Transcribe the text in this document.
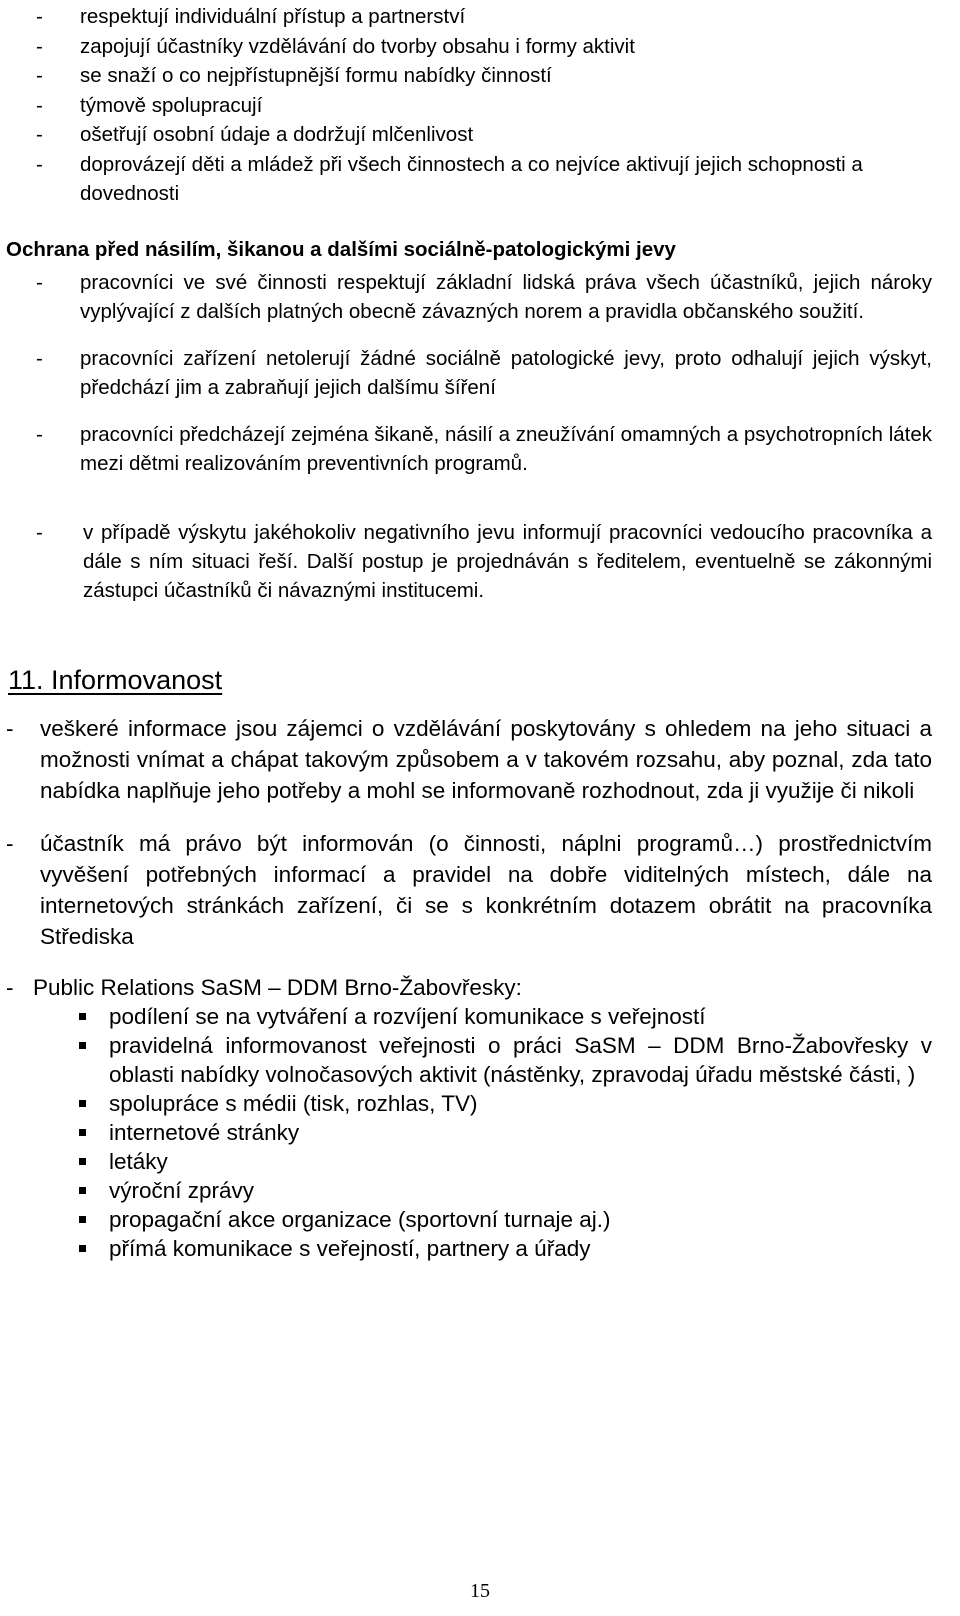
- respektují individuální přístup a partnerství
- zapojují účastníky vzdělávání do tvorby obsahu i formy aktivit
- se snaží o co nejpřístupnější formu nabídky činností
- týmově spolupracují
- ošetřují osobní údaje a dodržují mlčenlivost
- doprovázejí děti a mládež při všech činnostech a co nejvíce aktivují jejich schopnosti a dovednosti
Ochrana před násilím, šikanou a dalšími sociálně-patologickými jevy
- pracovníci ve své činnosti respektují základní lidská práva všech účastníků, jejich nároky vyplývající z dalších platných obecně závazných norem a pravidla občanského soužití.
- pracovníci zařízení netolerují žádné sociálně patologické jevy, proto odhalují jejich výskyt, předchází jim a zabraňují jejich dalšímu šíření
- pracovníci předcházejí zejména šikaně, násilí a zneužívání omamných a psychotropních látek mezi dětmi realizováním preventivních programů.
- v případě výskytu jakéhokoliv negativního jevu informují pracovníci vedoucího pracovníka a dále s ním situaci řeší. Další postup je projednáván s ředitelem, eventuelně se zákonnými zástupci účastníků či návaznými institucemi.
11. Informovanost
- veškeré informace jsou zájemci o vzdělávání poskytovány s ohledem na jeho situaci a možnosti vnímat a chápat takovým způsobem a v takovém rozsahu, aby poznal, zda tato nabídka naplňuje jeho potřeby a mohl se informovaně rozhodnout, zda ji využije či nikoli
- účastník má právo být informován (o činnosti, náplni programů…) prostřednictvím vyvěšení potřebných informací a pravidel na dobře viditelných místech, dále na internetových stránkách zařízení, či se s konkrétním dotazem obrátit na pracovníka Střediska
- Public Relations SaSM – DDM Brno-Žabovřesky:
podílení se na vytváření a rozvíjení komunikace s veřejností
pravidelná informovanost veřejnosti o práci SaSM – DDM Brno-Žabovřesky v oblasti nabídky volnočasových aktivit (nástěnky, zpravodaj úřadu městské části, )
spolupráce s médii (tisk, rozhlas, TV)
internetové stránky
letáky
výroční zprávy
propagační akce organizace (sportovní turnaje aj.)
přímá komunikace s veřejností, partnery a úřady
15
